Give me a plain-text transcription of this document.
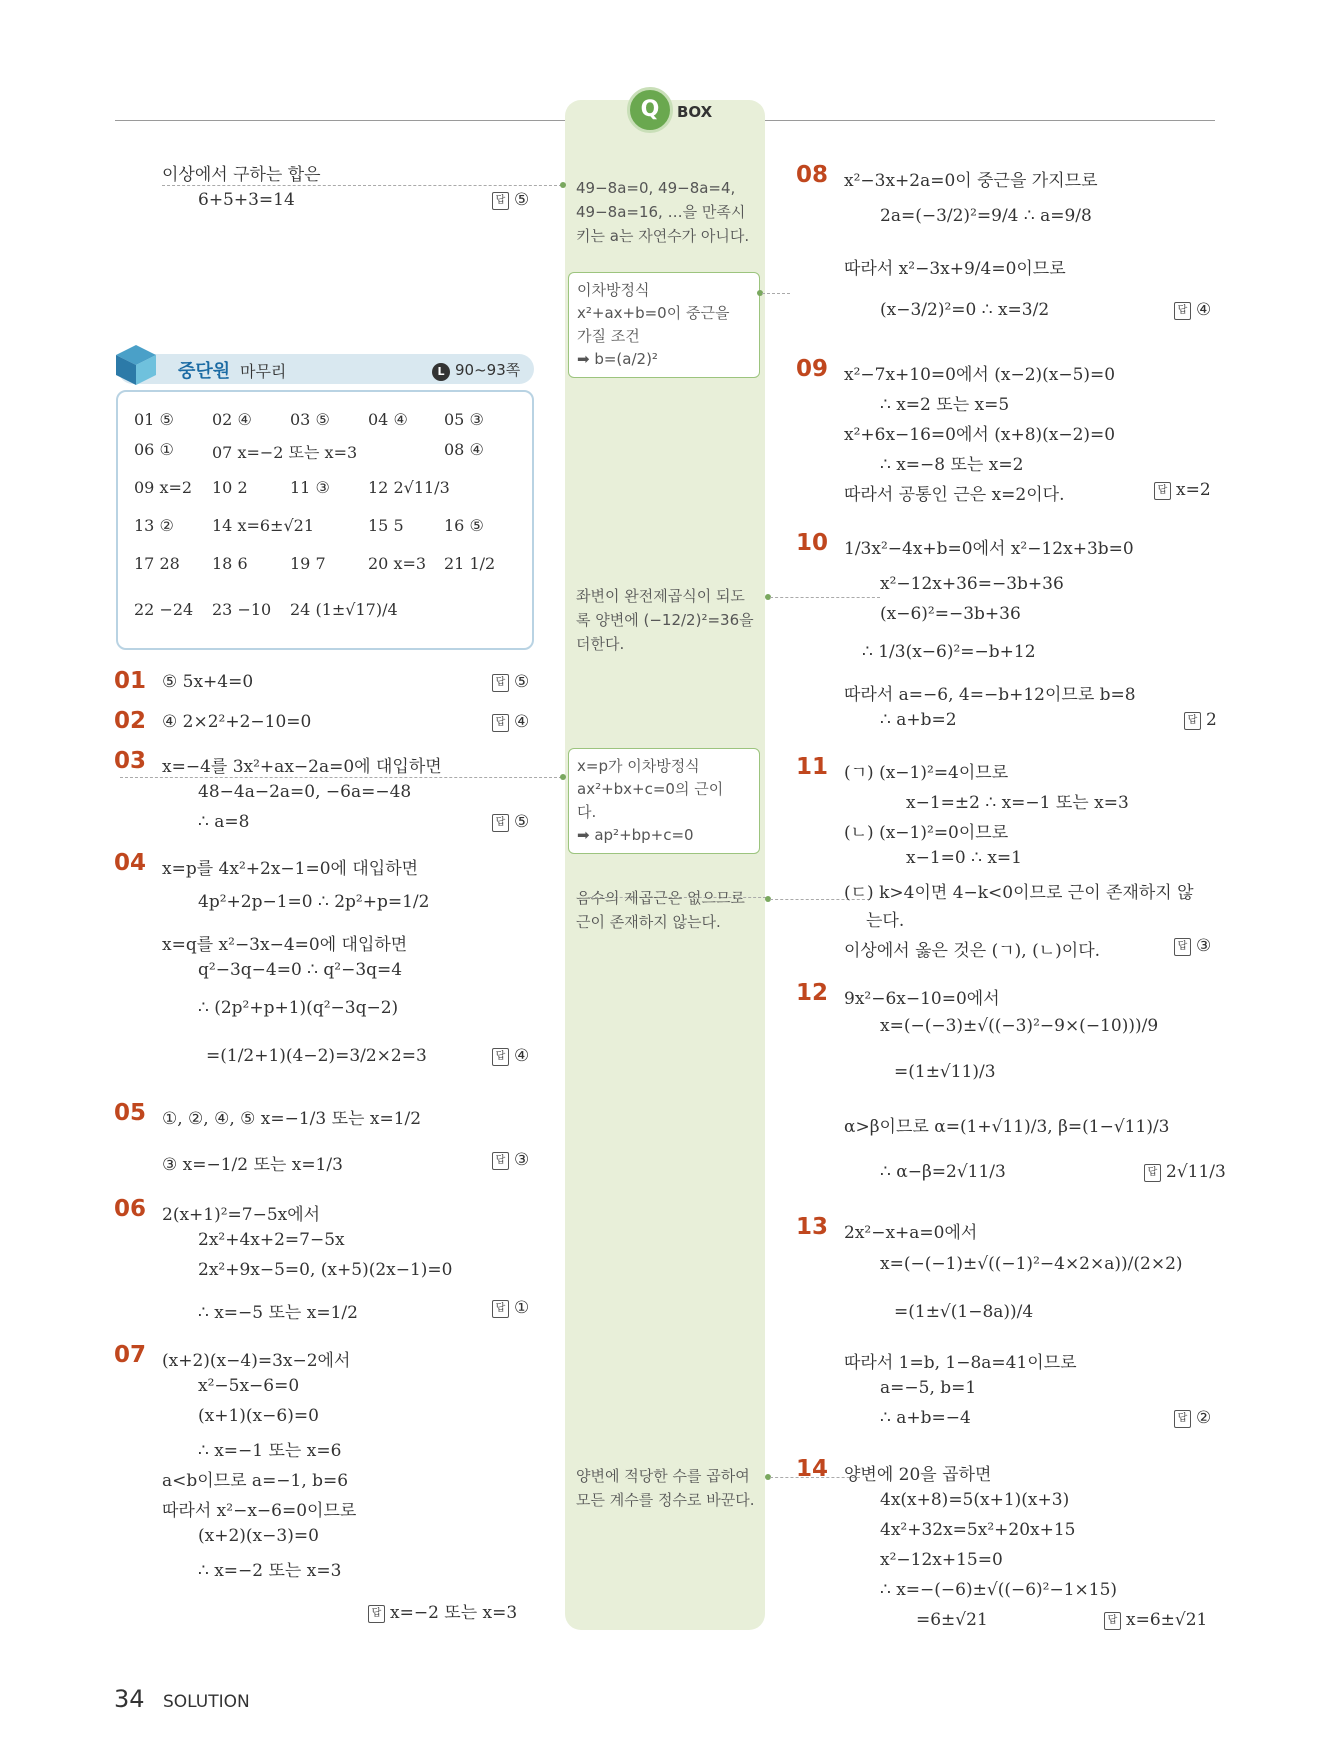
Q	BOX
이상에서 구하는 합은
6+5+3=14	답 ⑤
중단원 마무리	L 90~93쪽
01 ⑤ 02 ④ 03 ⑤ 04 ④ 05 ③
06 ① 07 x=−2 또는 x=3	08 ④
09 x=2 10 2	11 ③ 12 2√11/3
13 ② 14 x=6±√21	15 5	16 ⑤
17 28 18 6	19 7	20 x=3 21 1/2
22 −24 23 −10 24 (1±√17)/4
01 ⑤ 5x+4=0	답 ⑤
02 ④ 2×2²+2−10=0	답 ④
03 x=−4를 3x²+ax−2a=0에 대입하면
48−4a−2a=0, −6a=−48
∴ a=8	답 ⑤
04 x=p를 4x²+2x−1=0에 대입하면
4p²+2p−1=0 ∴ 2p²+p=1/2
x=q를 x²−3x−4=0에 대입하면
q²−3q−4=0 ∴ q²−3q=4
∴ (2p²+p+1)(q²−3q−2)
=(1/2+1)(4−2)=3/2×2=3	답 ④
05 ①, ②, ④, ⑤ x=−1/3 또는 x=1/2
③ x=−1/2 또는 x=1/3	답 ③
06 2(x+1)²=7−5x에서
2x²+4x+2=7−5x
2x²+9x−5=0, (x+5)(2x−1)=0
∴ x=−5 또는 x=1/2	답 ①
07 (x+2)(x−4)=3x−2에서
x²−5x−6=0
(x+1)(x−6)=0
∴ x=−1 또는 x=6
a<b이므로 a=−1, b=6
따라서 x²−x−6=0이므로
(x+2)(x−3)=0
∴ x=−2 또는 x=3
답 x=−2 또는 x=3
49−8a=0, 49−8a=4, 49−8a=16, …을 만족시키는 a는 자연수가 아니다.
이차방정식
x²+ax+b=0이 중근을
가질 조건
➡ b=(a/2)²
좌변이 완전제곱식이 되도록 양변에 (−12/2)²=36을 더한다.
x=p가 이차방정식
ax²+bx+c=0의 근이
다.
➡ ap²+bp+c=0
음수의 제곱근은 없으므로 근이 존재하지 않는다.
양변에 적당한 수를 곱하여 모든 계수를 정수로 바꾼다.
08 x²−3x+2a=0이 중근을 가지므로
2a=(−3/2)²=9/4 ∴ a=9/8
따라서 x²−3x+9/4=0이므로
(x−3/2)²=0 ∴ x=3/2	답 ④
09 x²−7x+10=0에서 (x−2)(x−5)=0
∴ x=2 또는 x=5
x²+6x−16=0에서 (x+8)(x−2)=0
∴ x=−8 또는 x=2
따라서 공통인 근은 x=2이다.	답 x=2
10 1/3x²−4x+b=0에서 x²−12x+3b=0
x²−12x+36=−3b+36
(x−6)²=−3b+36
∴ 1/3(x−6)²=−b+12
따라서 a=−6, 4=−b+12이므로 b=8
∴ a+b=2	답 2
11 (ㄱ) (x−1)²=4이므로
x−1=±2 ∴ x=−1 또는 x=3
(ㄴ) (x−1)²=0이므로
x−1=0 ∴ x=1
(ㄷ) k>4이면 4−k<0이므로 근이 존재하지 않
는다.
이상에서 옳은 것은 (ㄱ), (ㄴ)이다.	답 ③
12 9x²−6x−10=0에서
x=(−(−3)±√((−3)²−9×(−10)))/9
=(1±√11)/3
α>β이므로 α=(1+√11)/3, β=(1−√11)/3
∴ α−β=2√11/3	답 2√11/3
13 2x²−x+a=0에서
x=(−(−1)±√((−1)²−4×2×a))/(2×2)
=(1±√(1−8a))/4
따라서 1=b, 1−8a=41이므로
a=−5, b=1
∴ a+b=−4	답 ②
14 양변에 20을 곱하면
4x(x+8)=5(x+1)(x+3)
4x²+32x=5x²+20x+15
x²−12x+15=0
∴ x=−(−6)±√((−6)²−1×15)
=6±√21	답 x=6±√21
34 SOLUTION
